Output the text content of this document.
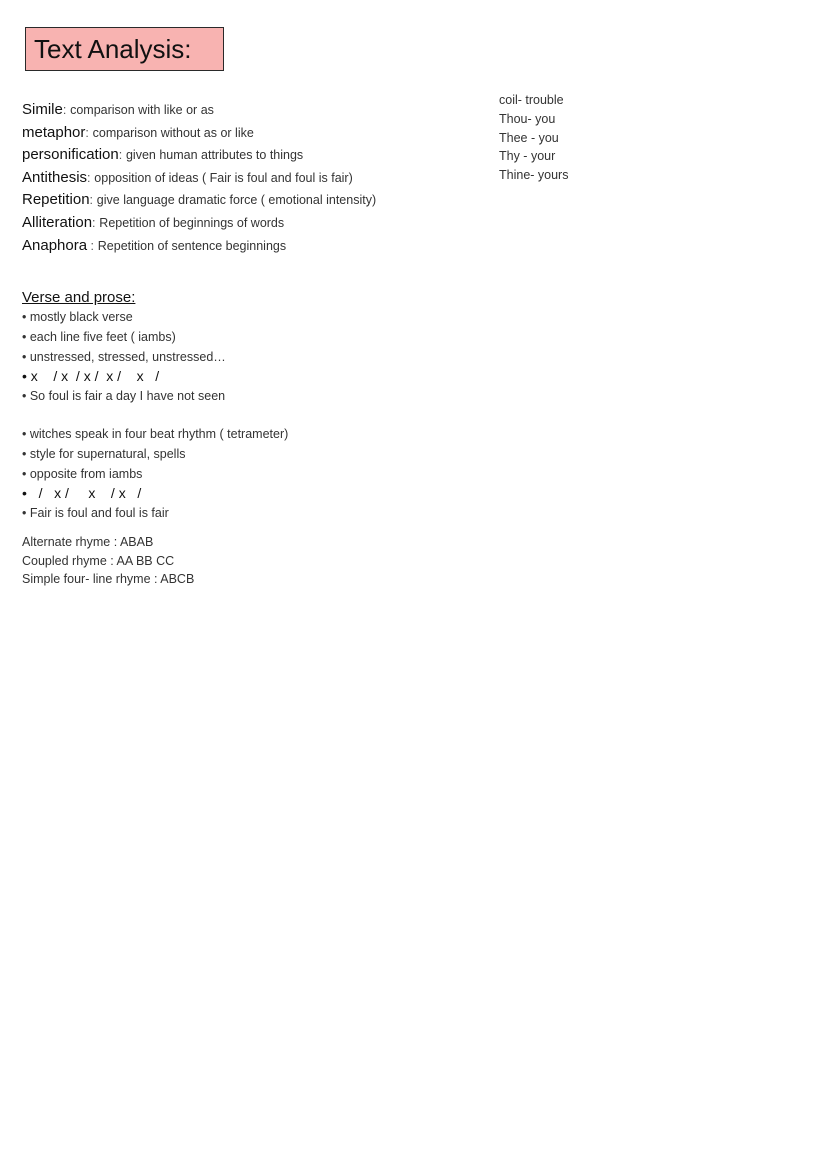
Text Analysis:

Simile: comparison with like or as

metaphor: comparison without as or like

personification: given human attributes to things

Antithesis: opposition of ideas ( Fair is foul and foul is fair)

Repetition: give language dramatic force ( emotional intensity)

Alliteration: Repetition of beginnings of words

Anaphora : Repetition of sentence beginnings

Verse and prose:
• mostly black verse
• each line five feet ( iambs)
• unstressed, stressed, unstressed…
• x    / x  / x /  x /    x   /
• So foul is fair a day I have not seen
• witches speak in four beat rhythm ( tetrameter)
• style for supernatural, spells
• opposite from iambs
•   /   x /     x    / x   /
• Fair is foul and foul is fair
Alternate rhyme : ABAB
Coupled rhyme : AA BB CC
Simple four- line rhyme : ABCB
coil- trouble
Thou- you
Thee - you
Thy - your
Thine- yours
